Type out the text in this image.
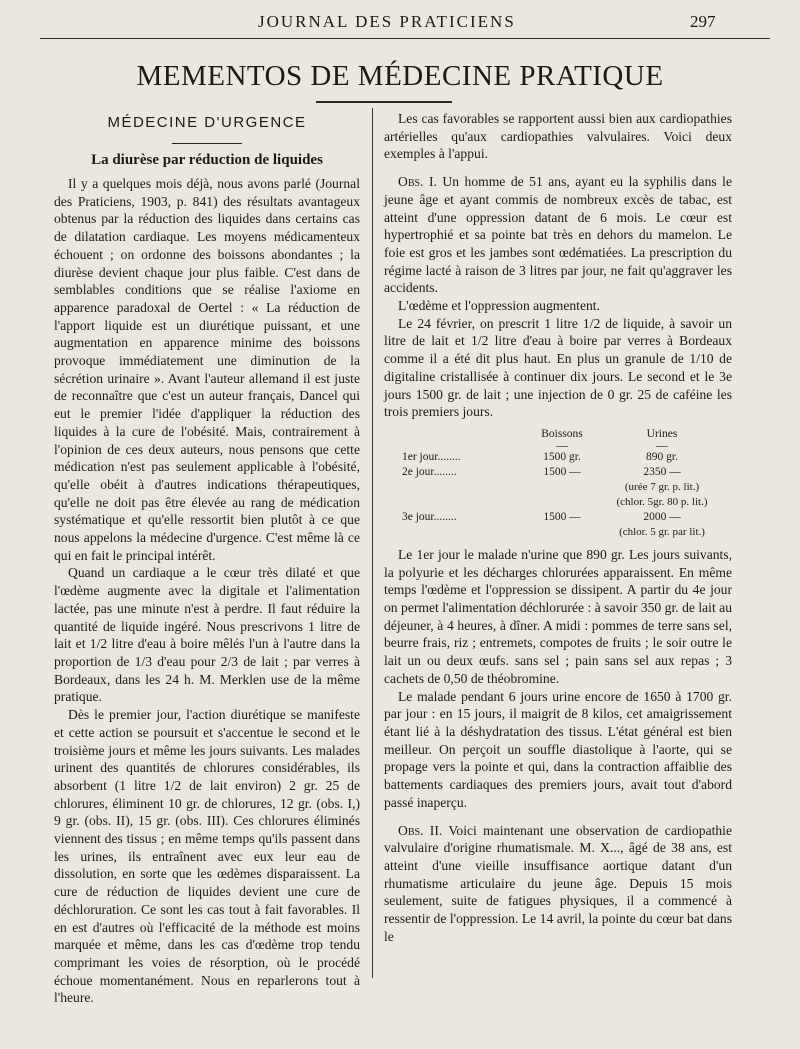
JOURNAL DES PRATICIENS	297
MEMENTOS DE MÉDECINE PRATIQUE
MÉDECINE D'URGENCE
La diurèse par réduction de liquides

Il y a quelques mois déjà, nous avons parlé (Journal des Praticiens, 1903, p. 841) des résultats avantageux obtenus par la réduction des liquides dans certains cas de dilatation cardiaque. Les moyens médicamenteux échouent ; on ordonne des boissons abondantes ; la diurèse devient chaque jour plus faible. C'est dans de semblables conditions que se réalise l'axiome en apparence paradoxal de Oertel : « La réduction de l'apport liquide est un diurétique puissant, et une augmentation en apparence minime des boissons provoque immédiatement une diminution de la sécrétion urinaire ». Avant l'auteur allemand il est juste de reconnaître que c'est un auteur français, Dancel qui eut le premier l'idée d'appliquer la réduction des liquides à la cure de l'obésité. Mais, contrairement à l'opinion de ces deux auteurs, nous pensons que cette médication n'est pas seulement applicable à l'obésité, qu'elle obéit à d'autres indications thérapeutiques, qu'elle ne doit pas être élevée au rang de médication systématique et qu'elle ressortit bien plutôt à ce que nous appelons la médecine d'urgence. C'est même là ce qui en fait le principal intérêt.

Quand un cardiaque a le cœur très dilaté et que l'œdème augmente avec la digitale et l'alimentation lactée, pas une minute n'est à perdre. Il faut réduire la quantité de liquide ingéré. Nous prescrivons 1 litre de lait et 1/2 litre d'eau à boire mêlés l'un à l'autre dans la proportion de 1/3 d'eau pour 2/3 de lait ; par verres à Bordeaux, dans les 24 h. M. Merklen use de la même pratique.

Dès le premier jour, l'action diurétique se manifeste et cette action se poursuit et s'accentue le second et le troisième jours et même les jours suivants. Les malades urinent des quantités de chlorures considérables, ils absorbent (1 litre 1/2 de lait environ) 2 gr. 25 de chlorures, éliminent 10 gr. de chlorures, 12 gr. (obs. I,) 9 gr. (obs. II), 15 gr. (obs. III). Ces chlorures éliminés viennent des tissus ; en même temps qu'ils passent dans les urines, ils entraînent avec eux leur eau de dissolution, en sorte que les œdèmes disparaissent. La cure de réduction de liquides devient une cure de déchloruration. Ce sont les cas tout à fait favorables. Il en est d'autres où l'efficacité de la méthode est moins marquée et même, dans les cas d'œdème trop tendu comprimant les voies de résorption, où le procédé échoue momentanément. Nous en reparlerons tout à l'heure.

Les cas favorables se rapportent aussi bien aux cardiopathies artérielles qu'aux cardiopathies valvulaires. Voici deux exemples à l'appui.

Obs. I. Un homme de 51 ans, ayant eu la syphilis dans le jeune âge et ayant commis de nombreux excès de tabac, est atteint d'une oppression datant de 6 mois. Le cœur est hypertrophié et sa pointe bat très en dehors du mamelon. Le foie est gros et les jambes sont œdématiées. La prescription du régime lacté à raison de 3 litres par jour, ne fait qu'aggraver les accidents.

L'œdème et l'oppression augmentent.

Le 24 février, on prescrit 1 litre 1/2 de liquide, à savoir un litre de lait et 1/2 litre d'eau à boire par verres à Bordeaux comme il a été dit plus haut. En plus un granule de 1/10 de digitaline cristallisée à continuer dix jours. Le second et le 3e jours 1500 gr. de lait ; une injection de 0 gr. 25 de caféine les trois premiers jours.

	Boissons	Urines
	—	—
1er jour........	1500 gr.	890 gr.
2e jour........	1500 —	2350 —
		(urée 7 gr. p. lit.)
		(chlor. 5gr. 80 p. lit.)
3e jour........	1500 —	2000 —
		(chlor. 5 gr. par lit.)

Le 1er jour le malade n'urine que 890 gr. Les jours suivants, la polyurie et les décharges chlorurées apparaissent. En même temps l'œdème et l'oppression se dissipent. A partir du 4e jour on permet l'alimentation déchlorurée : à savoir 350 gr. de lait au déjeuner, à 4 heures, à dîner. A midi : pommes de terre sans sel, beurre frais, riz ; entremets, compotes de fruits ; le soir outre le lait un ou deux œufs. sans sel ; pain sans sel aux repas ; 3 cachets de 0,50 de théobromine.

Le malade pendant 6 jours urine encore de 1650 à 1700 gr. par jour : en 15 jours, il maigrit de 8 kilos, cet amaigrissement étant lié à la déshydratation des tissus. L'état général est bien meilleur. On perçoit un souffle diastolique à l'aorte, qui se propage vers la pointe et qui, dans la contraction affaiblie des battements cardiaques des premiers jours, avait tout d'abord passé inaperçu.

Obs. II. Voici maintenant une observation de cardiopathie valvulaire d'origine rhumatismale. M. X..., âgé de 38 ans, est atteint d'une vieille insuffisance aortique datant d'un rhumatisme articulaire du jeune âge. Depuis 15 mois seulement, suite de fatigues physiques, il a commencé à ressentir de l'oppression. Le 14 avril, la pointe du cœur bat dans le
